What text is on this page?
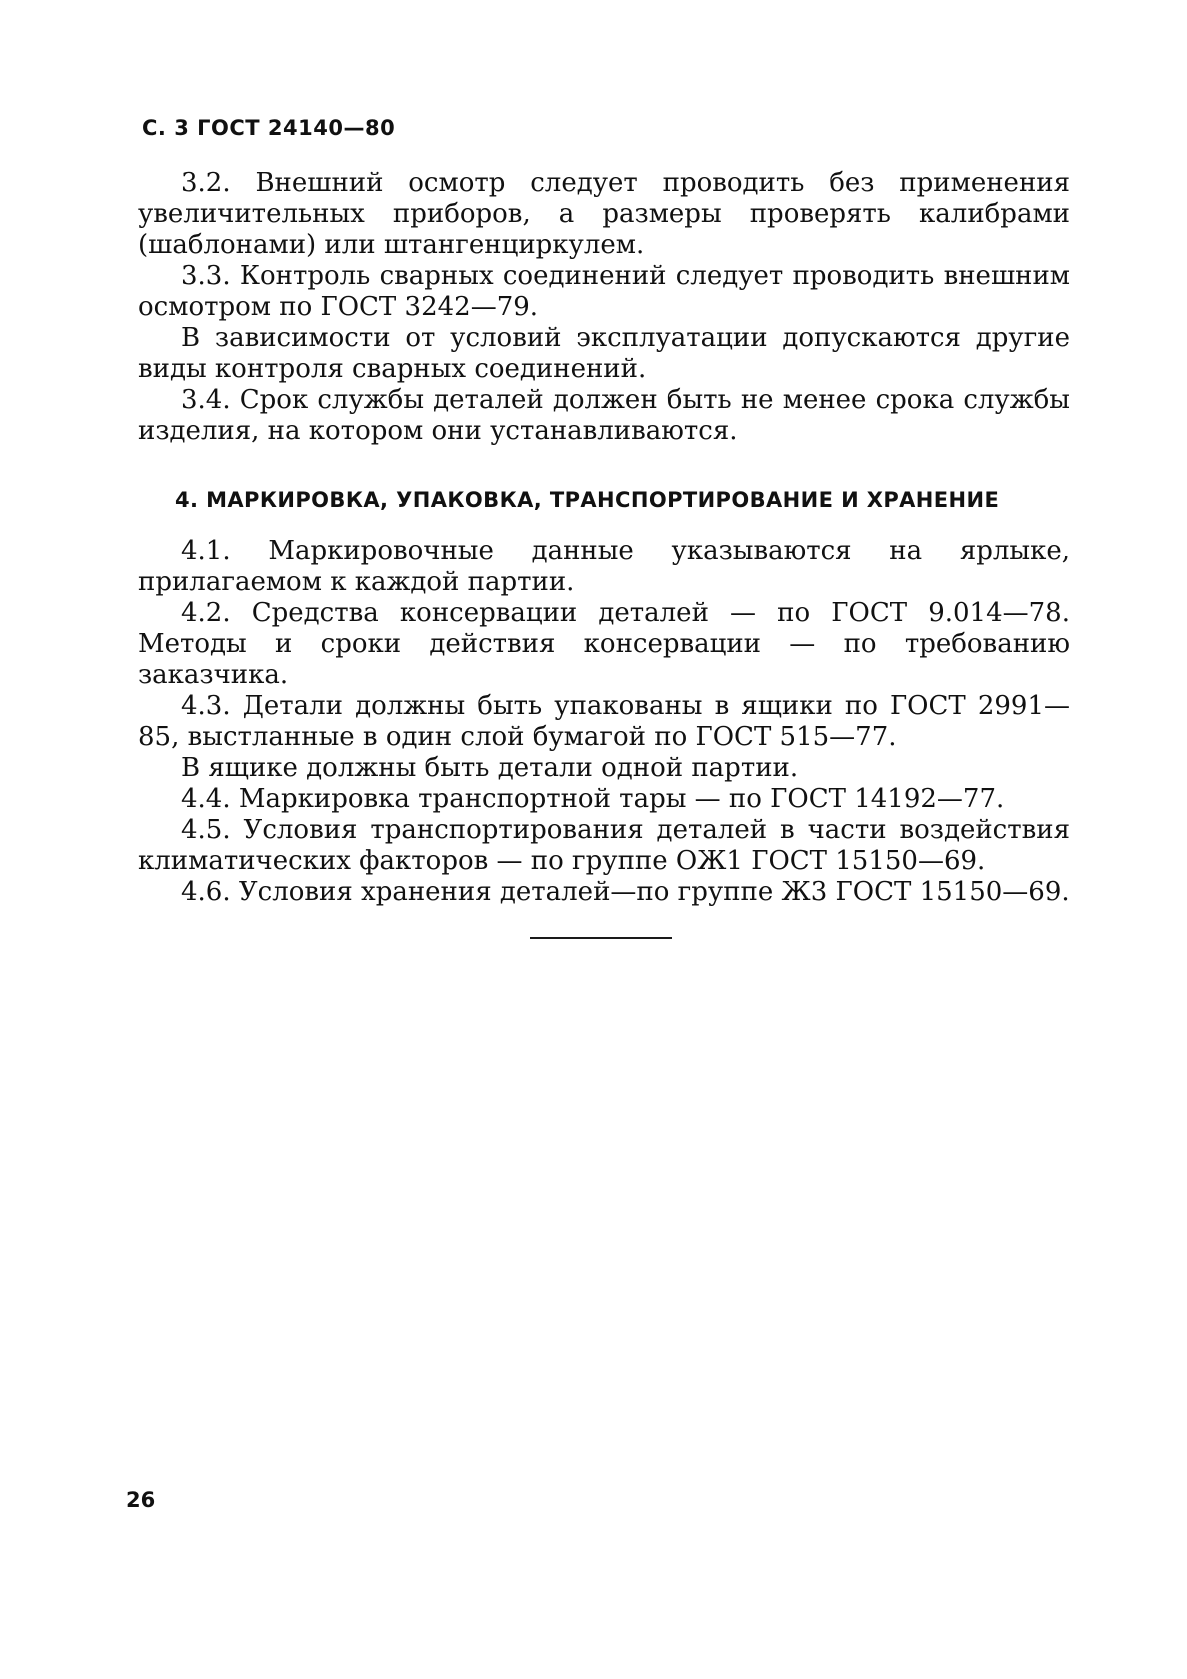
С. 3 ГОСТ 24140—80

3.2. Внешний осмотр следует проводить без применения увеличительных приборов, а размеры проверять калибрами (шаблонами) или штангенциркулем.

3.3. Контроль сварных соединений следует проводить внешним осмотром по ГОСТ 3242—79.

В зависимости от условий эксплуатации допускаются другие виды контроля сварных соединений.

3.4. Срок службы деталей должен быть не менее срока службы изделия, на котором они устанавливаются.

4. МАРКИРОВКА, УПАКОВКА, ТРАНСПОРТИРОВАНИЕ И ХРАНЕНИЕ

4.1. Маркировочные данные указываются на ярлыке, прилагаемом к каждой партии.

4.2. Средства консервации деталей — по ГОСТ 9.014—78. Методы и сроки действия консервации — по требованию заказчика.

4.3. Детали должны быть упакованы в ящики по ГОСТ 2991—85, выстланные в один слой бумагой по ГОСТ 515—77.

В ящике должны быть детали одной партии.

4.4. Маркировка транспортной тары — по ГОСТ 14192—77.

4.5. Условия транспортирования деталей в части воздействия климатических факторов — по группе ОЖ1 ГОСТ 15150—69.

4.6. Условия хранения деталей—по группе Ж3 ГОСТ 15150—69.

26
